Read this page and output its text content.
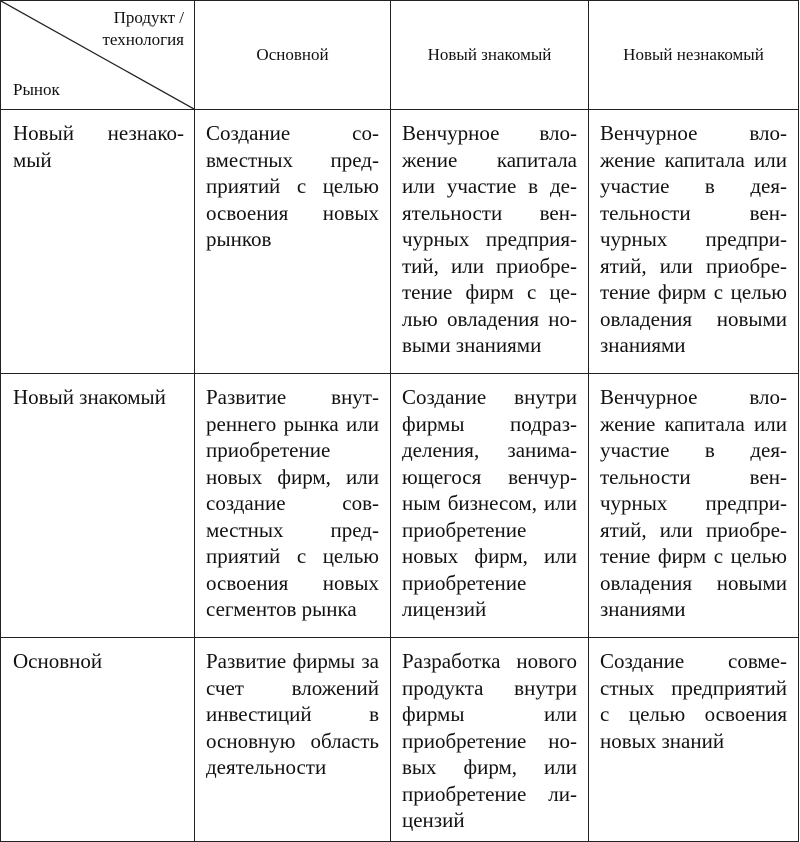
Продукт /
технология
Рынок	Основной	Новый знакомый	Новый незнакомый
Новый незнакомый	Создание совместных предприятий с целью освоения новых рынков	Венчурное вложение капитала или участие в деятельности венчурных предприятий, или приобретение фирм с целью овладения новыми знаниями	Венчурное вложение капитала или участие в деятельности венчурных предприятий, или приобретение фирм с целью овладения новыми знаниями
Новый знакомый	Развитие внутреннего рынка или приобретение новых фирм, или создание совместных предприятий с целью освоения новых сегментов рынка	Создание внутри фирмы подразделения, занимающегося венчурным бизнесом, или приобретение новых фирм, или приобретение лицензий	Венчурное вложение капитала или участие в деятельности венчурных предприятий, или приобретение фирм с целью овладения новыми знаниями
Основной	Развитие фирмы за счет вложений инвестиций в основную область деятельности	Разработка нового продукта внутри фирмы или приобретение новых фирм, или приобретение лицензий	Создание совместных предприятий с целью освоения новых знаний
